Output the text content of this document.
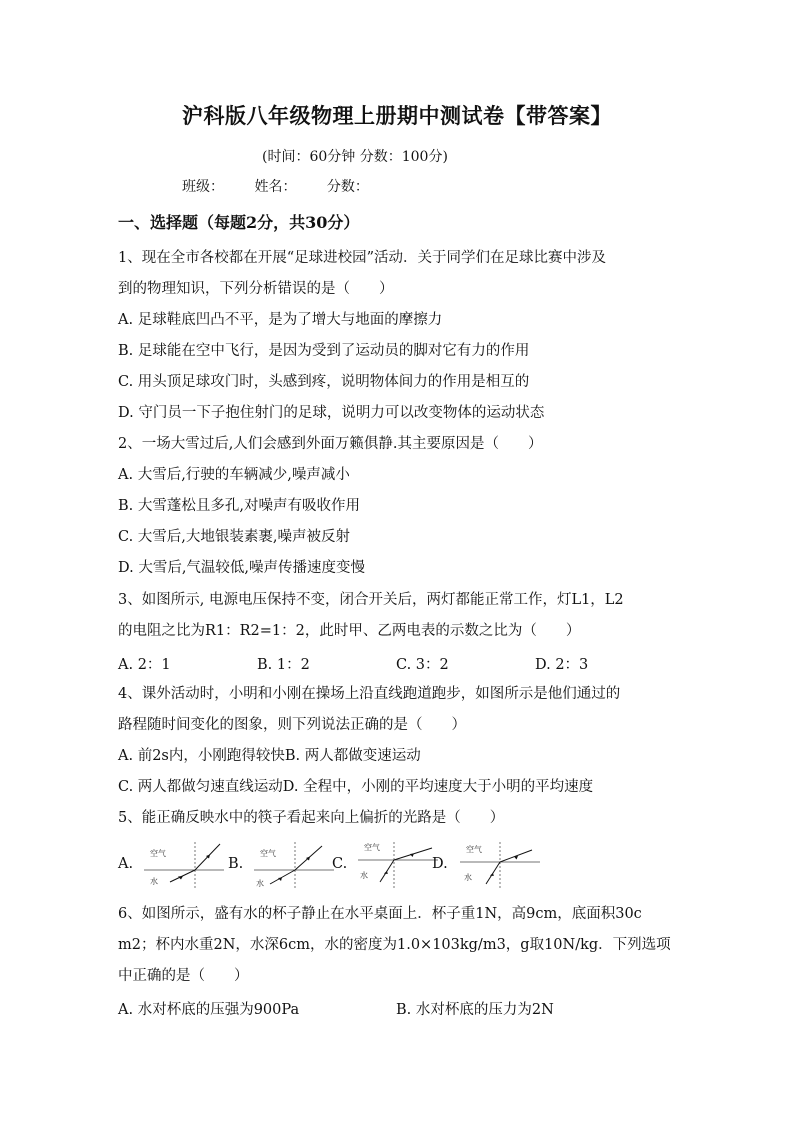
沪科版八年级物理上册期中测试卷【带答案】
(时间：60分钟 分数：100分)
班级： 姓名： 分数：
一、选择题（每题2分，共30分）
1、现在全市各校都在开展“足球进校园”活动．关于同学们在足球比赛中涉及
到的物理知识，下列分析错误的是（　　）
A. 足球鞋底凹凸不平，是为了增大与地面的摩擦力
B. 足球能在空中飞行，是因为受到了运动员的脚对它有力的作用
C. 用头顶足球攻门时，头感到疼，说明物体间力的作用是相互的
D. 守门员一下子抱住射门的足球，说明力可以改变物体的运动状态
2、一场大雪过后,人们会感到外面万籁俱静.其主要原因是（　　）
A. 大雪后,行驶的车辆减少,噪声减小
B. 大雪蓬松且多孔,对噪声有吸收作用
C. 大雪后,大地银装素裹,噪声被反射
D. 大雪后,气温较低,噪声传播速度变慢
3、如图所示, 电源电压保持不变，闭合开关后，两灯都能正常工作，灯L1，L2
的电阻之比为R1：R2=1：2，此时甲、乙两电表的示数之比为（　　）
A. 2：1	B. 1：2	C. 3：2	D. 2：3
4、课外活动时，小明和小刚在操场上沿直线跑道跑步，如图所示是他们通过的
路程随时间变化的图象，则下列说法正确的是（　　）
A. 前2s内，小刚跑得较快B. 两人都做变速运动
C. 两人都做匀速直线运动D. 全程中，小刚的平均速度大于小明的平均速度
5、能正确反映水中的筷子看起来向上偏折的光路是（　　）
A.
空气
水
B.
空气
水
C.
空气
水
D.
空气
水
6、如图所示，盛有水的杯子静止在水平桌面上．杯子重1N，高9cm，底面积30c
m2；杯内水重2N，水深6cm，水的密度为1.0×103kg/m3，g取10N/kg．下列选项
中正确的是（　　）
A. 水对杯底的压强为900Pa	B. 水对杯底的压力为2N
